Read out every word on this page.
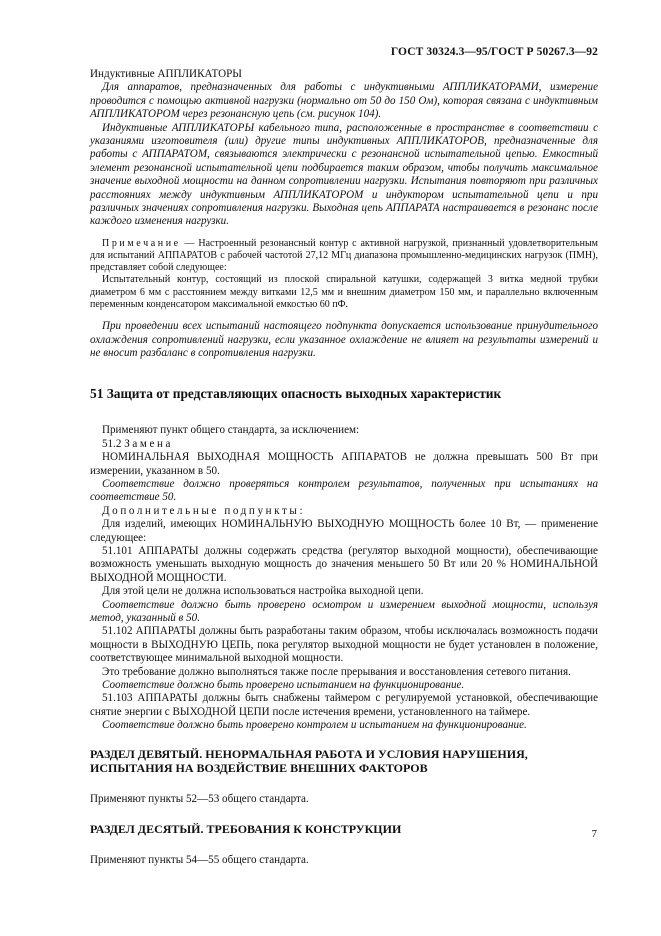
ГОСТ 30324.3—95/ГОСТ Р 50267.3—92

Индуктивные АППЛИКАТОРЫ

Для аппаратов, предназначенных для работы с индуктивными АППЛИКАТОРАМИ, измерение проводится с помощью активной нагрузки (нормально от 50 до 150 Ом), которая связана с индуктивным АППЛИКАТОРОМ через резонансную цепь (см. рисунок 104).

Индуктивные АППЛИКАТОРЫ кабельного типа, расположенные в пространстве в соответствии с указаниями изготовителя (или) другие типы индуктивных АППЛИКАТОРОВ, предназначенные для работы с АППАРАТОМ, связываются электрически с резонансной испытательной цепью. Емкостный элемент резонансной испытательной цепи подбирается таким образом, чтобы получить максимальное значение выходной мощности на данном сопротивлении нагрузки. Испытания повторяют при различных расстояниях между индуктивным АППЛИКАТОРОМ и индуктором испытательной цепи и при различных значениях сопротивления нагрузки. Выходная цепь АППАРАТА настраивается в резонанс после каждого изменения нагрузки.

Примечание — Настроенный резонансный контур с активной нагрузкой, признанный удовлетворительным для испытаний АППАРАТОВ с рабочей частотой 27,12 МГц диапазона промышленно-медицинских нагрузок (ПМН), представляет собой следующее:

Испытательный контур, состоящий из плоской спиральной катушки, содержащей 3 витка медной трубки диаметром 6 мм с расстоянием между витками 12,5 мм и внешним диаметром 150 мм, и параллельно включенным переменным конденсатором максимальной емкостью 60 пФ.

При проведении всех испытаний настоящего подпункта допускается использование принудительного охлаждения сопротивлений нагрузки, если указанное охлаждение не влияет на результаты измерений и не вносит разбаланс в сопротивления нагрузки.

51 Защита от представляющих опасность выходных характеристик

Применяют пункт общего стандарта, за исключением:

51.2 Замена

НОМИНАЛЬНАЯ ВЫХОДНАЯ МОЩНОСТЬ АППАРАТОВ не должна превышать 500 Вт при измерении, указанном в 50.

Соответствие должно проверяться контролем результатов, полученных при испытаниях на соответствие 50.

Дополнительные подпункты:

Для изделий, имеющих НОМИНАЛЬНУЮ ВЫХОДНУЮ МОЩНОСТЬ более 10 Вт, — применение следующее:

51.101 АППАРАТЫ должны содержать средства (регулятор выходной мощности), обеспечивающие возможность уменьшать выходную мощность до значения меньшего 50 Вт или 20 % НОМИНАЛЬНОЙ ВЫХОДНОЙ МОЩНОСТИ.

Для этой цели не должна использоваться настройка выходной цепи.

Соответствие должно быть проверено осмотром и измерением выходной мощности, используя метод, указанный в 50.

51.102 АППАРАТЫ должны быть разработаны таким образом, чтобы исключалась возможность подачи мощности в ВЫХОДНУЮ ЦЕПЬ, пока регулятор выходной мощности не будет установлен в положение, соответствующее минимальной выходной мощности.

Это требование должно выполняться также после прерывания и восстановления сетевого питания.

Соответствие должно быть проверено испытанием на функционирование.

51.103 АППАРАТЫ должны быть снабжены таймером с регулируемой установкой, обеспечивающие снятие энергии с ВЫХОДНОЙ ЦЕПИ после истечения времени, установленного на таймере.

Соответствие должно быть проверено контролем и испытанием на функционирование.

РАЗДЕЛ ДЕВЯТЫЙ. НЕНОРМАЛЬНАЯ РАБОТА И УСЛОВИЯ НАРУШЕНИЯ, ИСПЫТАНИЯ НА ВОЗДЕЙСТВИЕ ВНЕШНИХ ФАКТОРОВ

Применяют пункты 52—53 общего стандарта.

РАЗДЕЛ ДЕСЯТЫЙ. ТРЕБОВАНИЯ К КОНСТРУКЦИИ

Применяют пункты 54—55 общего стандарта.

7
